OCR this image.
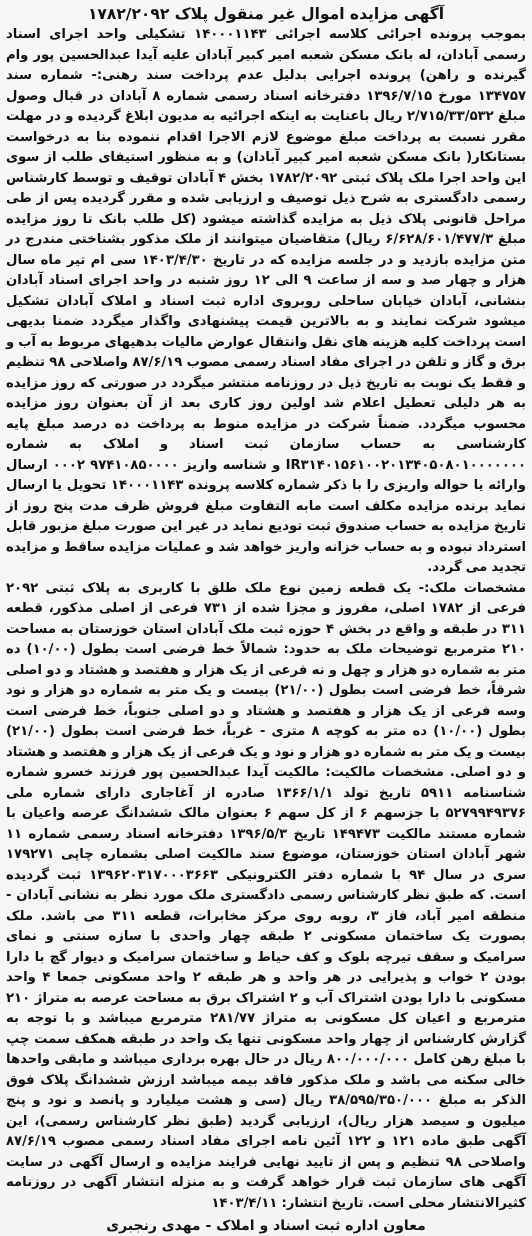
آگهی مزایده اموال غیر منقول پلاک ۱۷۸۲/۲۰۹۲

بموجب پرونده اجرائی کلاسه اجرائی ۱۴۰۰۰۱۱۴۳ تشکیلی واحد اجرای اسناد رسمی آبادان، له بانک مسکن شعبه امیر کبیر آبادان علیه آیدا عبدالحسین پور وام گیرنده و راهن) پرونده اجرایی بدلیل عدم پرداخت سند رهنی:- شماره سند ۱۳۴۷۵۷ مورخ ۱۳۹۶/۷/۱۵ دفترخانه اسناد رسمی شماره ۸ آبادان در قبال وصول مبلغ ۲/۷۱۵/۳۳/۵۳۲ ریال باعنایت به اینکه اجرائیه به مدیون ابلاغ گردیده و در مهلت مقرر نسبت به پرداخت مبلغ موضوع لازم الاجرا اقدام ننموده بنا به درخواست بستانکار( بانک مسکن شعبه امیر کبیر آبادان) و به منظور استیفای طلب از سوی این واحد اجرا ملک پلاک ثبتی ۱۷۸۲/۲۰۹۲ بخش ۴ آبادان توقیف و توسط کارشناس رسمی دادگستری به شرح ذیل توصیف و ارزیابی شده و مقرر گردیده پس از طی مراحل قانونی پلاک ذیل به مزایده گذاشته میشود (کل طلب بانک تا روز مزایده مبلغ ۶/۶۲۸/۶۰۱/۴۷۷/۳ ریال) متقاضیان میتوانند از ملک مذکور بشناختی مندرج در متن مزایده بازدید و در جلسه مزایده که در تاریخ ۱۴۰۳/۴/۳۰ سی ام تیر ماه سال هزار و چهار صد و سه از ساعت ۹ الی ۱۲ روز شنبه در واحد اجرای اسناد آبادان بنشانی، آبادان خیابان ساحلی روبروی اداره ثبت اسناد و املاک آبادان تشکیل میشود شرکت نمایند و به بالاترین قیمت پیشنهادی واگذار میگردد ضمنا بدیهی است پرداخت کلیه هزینه های نقل وانتقال عوارض مالیات بدهیهای مربوط به آب و برق و گاز و تلفن در اجرای مفاد اسناد رسمی مصوب ۸۷/۶/۱۹ واصلاحی ۹۸ تنظیم و فقط یک نوبت به تاریخ ذیل در روزنامه منتشر میگردد در صورتی که روز مزایده به هر دلیلی تعطیل اعلام شد اولین روز کاری بعد از آن بعنوان روز مزایده محسوب میگردد. ضمناً شرکت در مزایده منوط به پرداخت ده درصد مبلغ پایه کارشناسی به حساب سازمان ثبت اسناد و املاک به شماره IR۳۱۴۰۱۵۶۱۰۰۲۰۱۳۴۰۵۰۸۰۱۰۰۰۰۰۰۰ و شناسه واریز ۹۷۴۱۰۸۵۰۰۰۰ ۰۰۰۲ ارسال وارائه یا حواله واریزی را با ذکر شماره کلاسه پرونده ۱۴۰۰۰۱۱۴۳ تحویل یا ارسال نماید برنده مزایده مکلف است مابه التفاوت مبلغ فروش ظرف مدت پنج روز از تاریخ مزایده به حساب صندوق ثبت تودیع نماید در غیر این صورت مبلغ مزبور قابل استرداد نبوده و به حساب خزانه واریز خواهد شد و عملیات مزایده ساقط و مزایده تجدید می گردد.

مشخصات ملک:- یک قطعه زمین نوع ملک طلق با کاربری به پلاک ثبتی ۲۰۹۲ فرعی از ۱۷۸۲ اصلی، مفروز و مجزا شده از ۷۳۱ فرعی از اصلی مذکور، قطعه ۳۱۱ در طبقه و واقع در بخش ۴ حوزه ثبت ملک آبادان استان خوزستان به مساحت ۲۱۰ مترمربع توضیحات ملک به حدود: شمالاً خط فرضی است بطول (۱۰/۰۰) ده متر به شماره دو هزار و چهل و نه فرعی از یک هزار و هفتصد و هشتاد و دو اصلی شرقاً، خط فرضی است بطول (۲۱/۰۰) بیست و یک متر به شماره دو هزار و نود وسه فرعی از یک هزار و هفتصد و هشتاد و دو اصلی جنوباً، خط فرضی است بطول (۱۰/۰۰) ده متر به کوچه ۸ متری - غرباً، خط فرضی است بطول (۲۱/۰۰) بیست و یک متر به شماره دو هزار و نود و یک فرعی از یک هزار و هفتصد و هشتاد و دو اصلی. مشخصات مالکیت: مالکیت آیدا عبدالحسین پور فرزند خسرو شماره شناسنامه ۵۹۱۱ تاریخ تولد ۱۳۶۶/۱/۱ صادره از آغاجاری دارای شماره ملی ۵۲۷۹۹۴۹۳۷۶ با جزسهم ۶ از کل سهم ۶ بعنوان مالک ششدانگ عرصه واعیان با شماره مستند مالکیت ۱۴۹۴۷۳ تاریخ ۱۳۹۶/۵/۳ دفترخانه اسناد رسمی شماره ۱۱ شهر آبادان استان خوزستان، موضوع سند مالکیت اصلی بشماره چاپی ۱۷۹۲۷۱ سری در سال ۹۴ با شماره دفتر الکترونیکی ۱۳۹۶۲۰۳۱۷۰۰۰۳۶۶۳ ثبت گردیده است. که طبق نظر کارشناس رسمی دادگستری ملک مورد نظر به نشانی آبادان - منطقه امیر آباد، فاز ۳، روبه روی مرکز مخابرات، قطعه ۳۱۱ می باشد. ملک بصورت یک ساختمان مسکونی ۲ طبقه چهار واحدی با سازه سنتی و نمای سرامیک و سقف تیرچه بلوک و کف حیاط و ساختمان سرامیک و دیوار گچ با دارا بودن ۲ خواب و پذیرایی در هر واحد و هر طبقه ۲ واحد مسکونی جمعا ۴ واحد مسکونی با دارا بودن اشتراک آب و ۲ اشتراک برق به مساحت عرصه به متراژ ۲۱۰ مترمربع و اعیان کل مسکونی به متراژ ۲۸۱/۷۷ مترمربع میباشد و با توجه به گزارش کارشناس از چهار واحد مسکونی تنها یک واحد در طبقه همکف سمت چپ با مبلغ رهن کامل ۸۰۰/۰۰۰/۰۰۰ ریال در حال بهره برداری میباشد و مابقی واحدها خالی سکنه می باشد و ملک مذکور فاقد بیمه میباشد ارزش ششدانگ پلاک فوق الذکر به مبلغ ۳۸/۵۹۵/۳۵۰/۰۰۰ ریال (سی و هشت میلیارد و پانصد و نود و پنج میلیون و سیصد هزار ریال)، ارزیابی گردید (طبق نظر کارشناس رسمی)، این آگهی طبق ماده ۱۲۱ و ۱۲۲ آئین نامه اجرای مفاد اسناد رسمی مصوب ۸۷/۶/۱۹ واصلاحی ۹۸ تنظیم و پس از تایید نهایی فرایند مزایده و ارسال آگهی در سایت آگهی های سازمان ثبت قرار خواهد گرفت و به منزله انتشار آگهی در روزنامه کثیرالانتشار محلی است. تاریخ انتشار: ۱۴۰۳/۴/۱۱

معاون اداره ثبت اسناد و املاک - مهدی رنجبری
